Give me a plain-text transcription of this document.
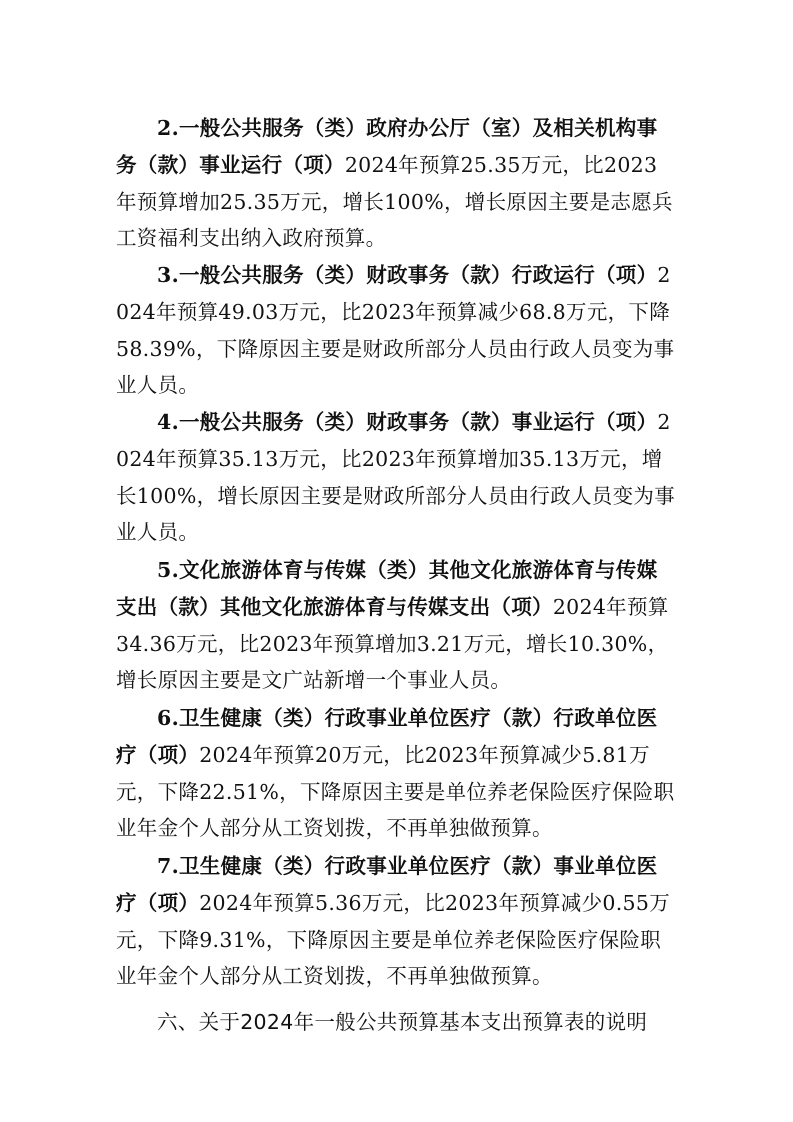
2.一般公共服务（类）政府办公厅（室）及相关机构事务（款）事业运行（项）2024年预算25.35万元，比2023年预算增加25.35万元，增长100%，增长原因主要是志愿兵工资福利支出纳入政府预算。

3.一般公共服务（类）财政事务（款）行政运行（项）2024年预算49.03万元，比2023年预算减少68.8万元，下降58.39%，下降原因主要是财政所部分人员由行政人员变为事业人员。

4.一般公共服务（类）财政事务（款）事业运行（项）2024年预算35.13万元，比2023年预算增加35.13万元，增长100%，增长原因主要是财政所部分人员由行政人员变为事业人员。

5.文化旅游体育与传媒（类）其他文化旅游体育与传媒支出（款）其他文化旅游体育与传媒支出（项）2024年预算34.36万元，比2023年预算增加3.21万元，增长10.30%，增长原因主要是文广站新增一个事业人员。

6.卫生健康（类）行政事业单位医疗（款）行政单位医疗（项）2024年预算20万元，比2023年预算减少5.81万元，下降22.51%，下降原因主要是单位养老保险医疗保险职业年金个人部分从工资划拨，不再单独做预算。

7.卫生健康（类）行政事业单位医疗（款）事业单位医疗（项）2024年预算5.36万元，比2023年预算减少0.55万元，下降9.31%，下降原因主要是单位养老保险医疗保险职业年金个人部分从工资划拨，不再单独做预算。

六、关于2024年一般公共预算基本支出预算表的说明
